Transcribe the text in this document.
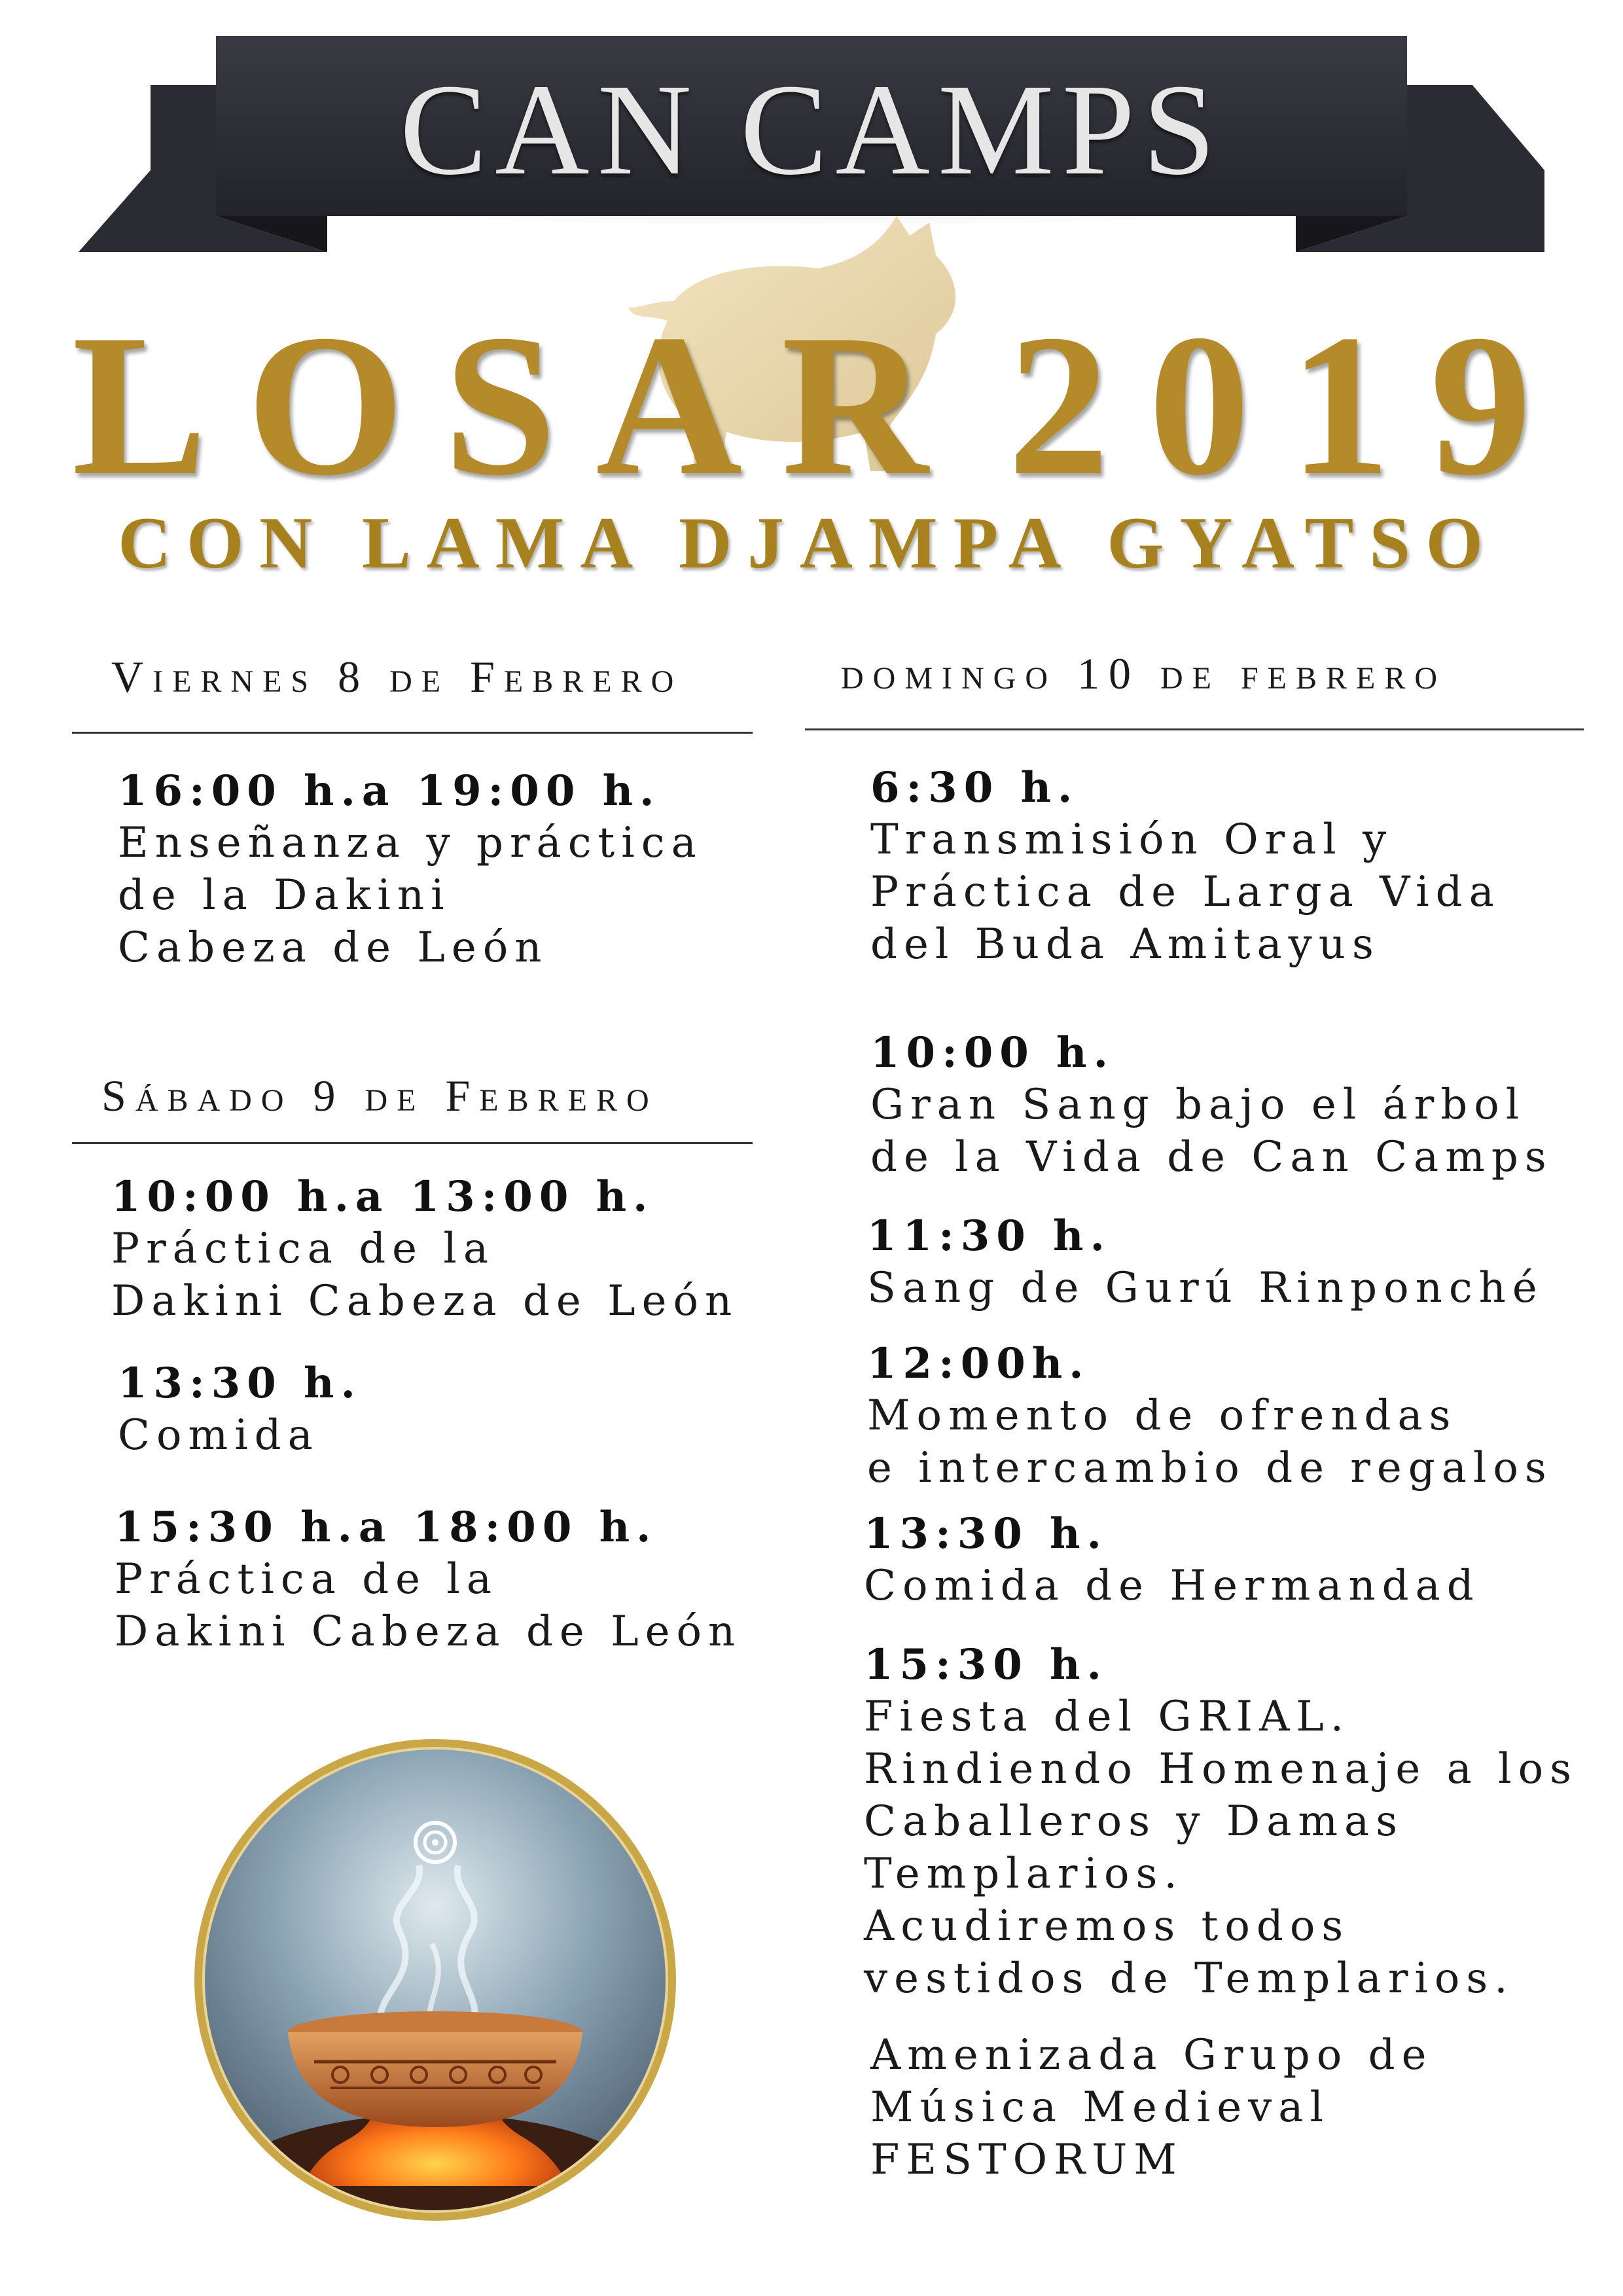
CAN CAMPS
LOSAR 2019
CON LAMA DJAMPA GYATSO
Viernes 8 de Febrero
16:00 h.a 19:00 h.
Enseñanza y práctica
de la Dakini
Cabeza de León
Sábado 9 de Febrero
10:00 h.a 13:00 h.
Práctica de la
Dakini Cabeza de León
13:30 h.
Comida
15:30 h.a 18:00 h.
Práctica de la
Dakini Cabeza de León
domingo 10 de febrero
6:30 h.
Transmisión Oral y
Práctica de Larga Vida
del Buda Amitayus
10:00 h.
Gran Sang bajo el árbol
de la Vida de Can Camps
11:30 h.
Sang de Gurú Rinponché
12:00h.
Momento de ofrendas
e intercambio de regalos
13:30 h.
Comida de Hermandad
15:30 h.
Fiesta del GRIAL.
Rindiendo Homenaje a los
Caballeros y Damas
Templarios.
Acudiremos todos
vestidos de Templarios.
Amenizada Grupo de
Música Medieval
FESTORUM
